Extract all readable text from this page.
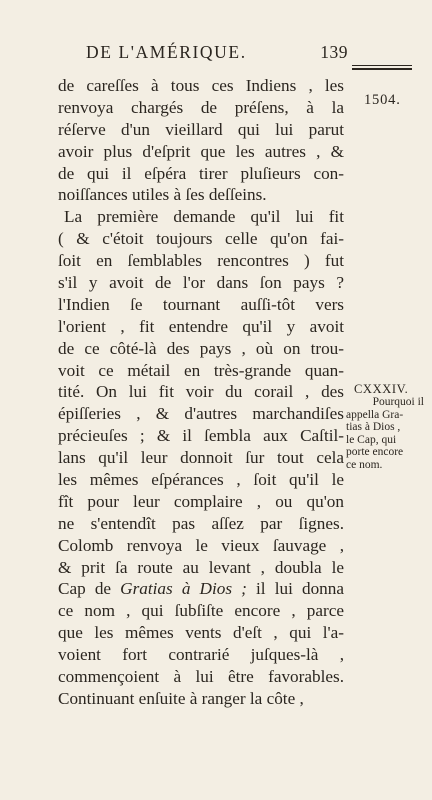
DE L'AMÉRIQUE.	139
1504.
de careſſes à tous ces Indiens , les
renvoya chargés de préſens, à la
réſerve d'un vieillard qui lui parut
avoir plus d'eſprit que les autres , &
de qui il eſpéra tirer pluſieurs con-
noiſſances utiles à ſes deſſeins.
La première demande qu'il lui fit
( & c'étoit toujours celle qu'on fai-
ſoit en ſemblables rencontres ) fut
s'il y avoit de l'or dans ſon pays ?
l'Indien ſe tournant auſſi-tôt vers
l'orient , fit entendre qu'il y avoit
de ce côté-là des pays , où on trou-
voit ce métail en très-grande quan-
tité. On lui fit voir du corail , des
épiſſeries , & d'autres marchandiſes
précieuſes ; & il ſembla aux Caſtil-
lans qu'il leur donnoit ſur tout cela
les mêmes eſpérances , ſoit qu'il le
fît pour leur complaire , ou qu'on
ne s'entendît pas aſſez par ſignes.
Colomb renvoya le vieux ſauvage ,
& prit ſa route au levant , doubla le
Cap de Gratias à Dios ; il lui donna
ce nom , qui ſubſiſte encore , parce
que les mêmes vents d'eſt , qui l'a-
voient fort contrarié juſques-là ,
commençoient à lui être favorables.
Continuant enſuite à ranger la côte ,
CXXXIV.
Pourquoi il
appella Gra-
tias à Dios ,
le Cap, qui
porte encore
ce nom.
